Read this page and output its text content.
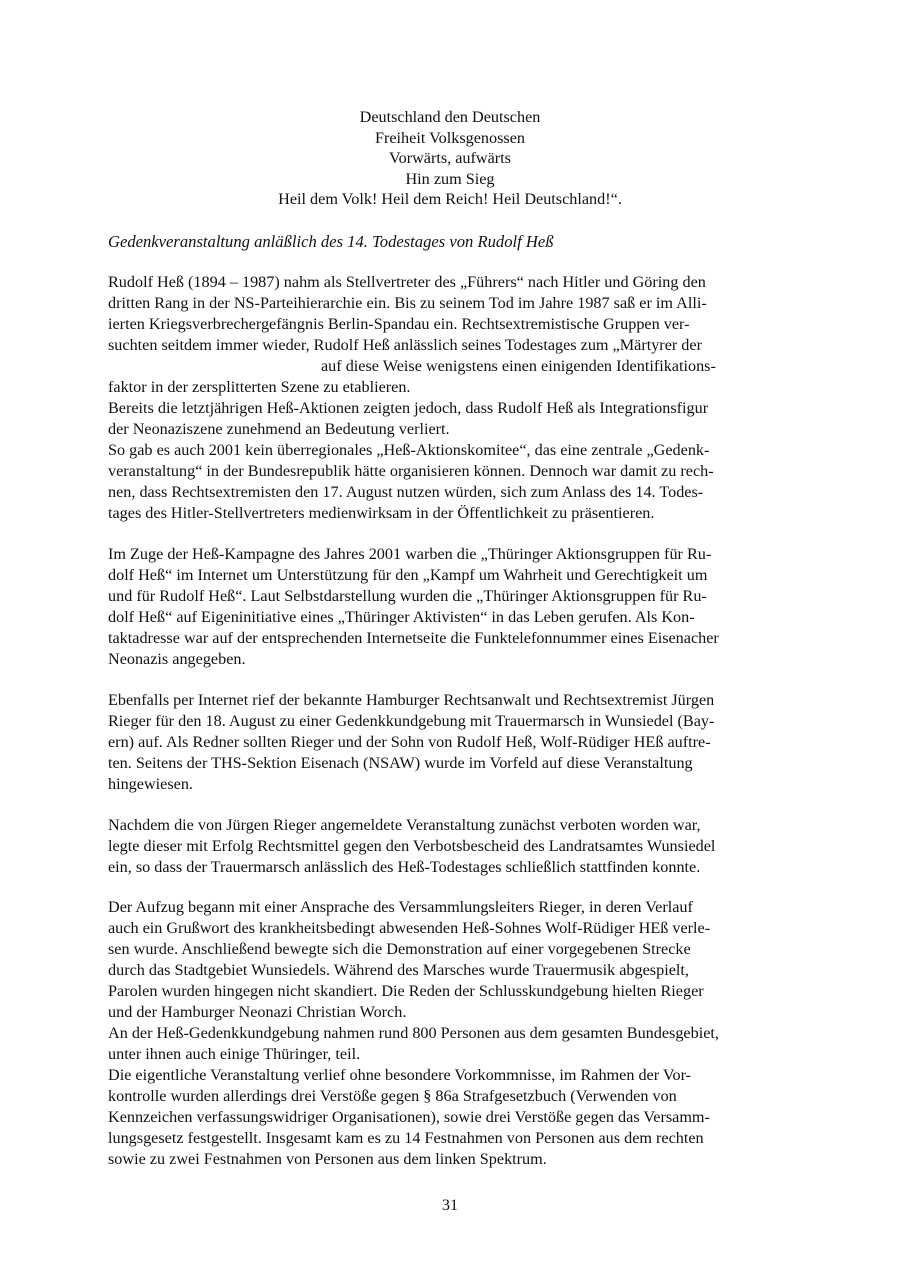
Deutschland den Deutschen
Freiheit Volksgenossen
Vorwärts, aufwärts
Hin zum Sieg
Heil dem Volk! Heil dem Reich! Heil Deutschland!“.
Gedenkveranstaltung anläßlich des 14. Todestages von Rudolf Heß
Rudolf Heß (1894 – 1987) nahm als Stellvertreter des „Führers“ nach Hitler und Göring den
dritten Rang in der NS-Parteihierarchie ein. Bis zu seinem Tod im Jahre 1987 saß er im Alli-
ierten Kriegsverbrechergefängnis Berlin-Spandau ein. Rechtsextremistische Gruppen ver-
suchten seitdem immer wieder, Rudolf Heß anlässlich seines Todestages zum „Märtyrer der
auf diese Weise wenigstens einen einigenden Identifikations-
faktor in der zersplitterten Szene zu etablieren.
Bereits die letztjährigen Heß-Aktionen zeigten jedoch, dass Rudolf Heß als Integrationsfigur
der Neonaziszene zunehmend an Bedeutung verliert.
So gab es auch 2001 kein überregionales „Heß-Aktionskomitee“, das eine zentrale „Gedenk-
veranstaltung“ in der Bundesrepublik hätte organisieren können. Dennoch war damit zu rech-
nen, dass Rechtsextremisten den 17. August nutzen würden, sich zum Anlass des 14. Todes-
tages des Hitler-Stellvertreters medienwirksam in der Öffentlichkeit zu präsentieren.
Im Zuge der Heß-Kampagne des Jahres 2001 warben die „Thüringer Aktionsgruppen für Ru-
dolf Heß“ im Internet um Unterstützung für den „Kampf um Wahrheit und Gerechtigkeit um
und für Rudolf Heß“. Laut Selbstdarstellung wurden die „Thüringer Aktionsgruppen für Ru-
dolf Heß“ auf Eigeninitiative eines „Thüringer Aktivisten“ in das Leben gerufen. Als Kon-
taktadresse war auf der entsprechenden Internetseite die Funktelefonnummer eines Eisenacher
Neonazis angegeben.
Ebenfalls per Internet rief der bekannte Hamburger Rechtsanwalt und Rechtsextremist Jürgen
Rieger für den 18. August zu einer Gedenkkundgebung mit Trauermarsch in Wunsiedel (Bay-
ern) auf. Als Redner sollten Rieger und der Sohn von Rudolf Heß, Wolf-Rüdiger HEß auftre-
ten. Seitens der THS-Sektion Eisenach (NSAW) wurde im Vorfeld auf diese Veranstaltung
hingewiesen.
Nachdem die von Jürgen Rieger angemeldete Veranstaltung zunächst verboten worden war,
legte dieser mit Erfolg Rechtsmittel gegen den Verbotsbescheid des Landratsamtes Wunsiedel
ein, so dass der Trauermarsch anlässlich des Heß-Todestages schließlich stattfinden konnte.
Der Aufzug begann mit einer Ansprache des Versammlungsleiters Rieger, in deren Verlauf
auch ein Grußwort des krankheitsbedingt abwesenden Heß-Sohnes Wolf-Rüdiger HEß verle-
sen wurde. Anschließend bewegte sich die Demonstration auf einer vorgegebenen Strecke
durch das Stadtgebiet Wunsiedels. Während des Marsches wurde Trauermusik abgespielt,
Parolen wurden hingegen nicht skandiert. Die Reden der Schlusskundgebung hielten Rieger
und der Hamburger Neonazi Christian Worch.
An der Heß-Gedenkkundgebung nahmen rund 800 Personen aus dem gesamten Bundesgebiet,
unter ihnen auch einige Thüringer, teil.
Die eigentliche Veranstaltung verlief ohne besondere Vorkommnisse, im Rahmen der Vor-
kontrolle wurden allerdings drei Verstöße gegen § 86a Strafgesetzbuch (Verwenden von
Kennzeichen verfassungswidriger Organisationen), sowie drei Verstöße gegen das Versamm-
lungsgesetz festgestellt. Insgesamt kam es zu 14 Festnahmen von Personen aus dem rechten
sowie zu zwei Festnahmen von Personen aus dem linken Spektrum.
31
